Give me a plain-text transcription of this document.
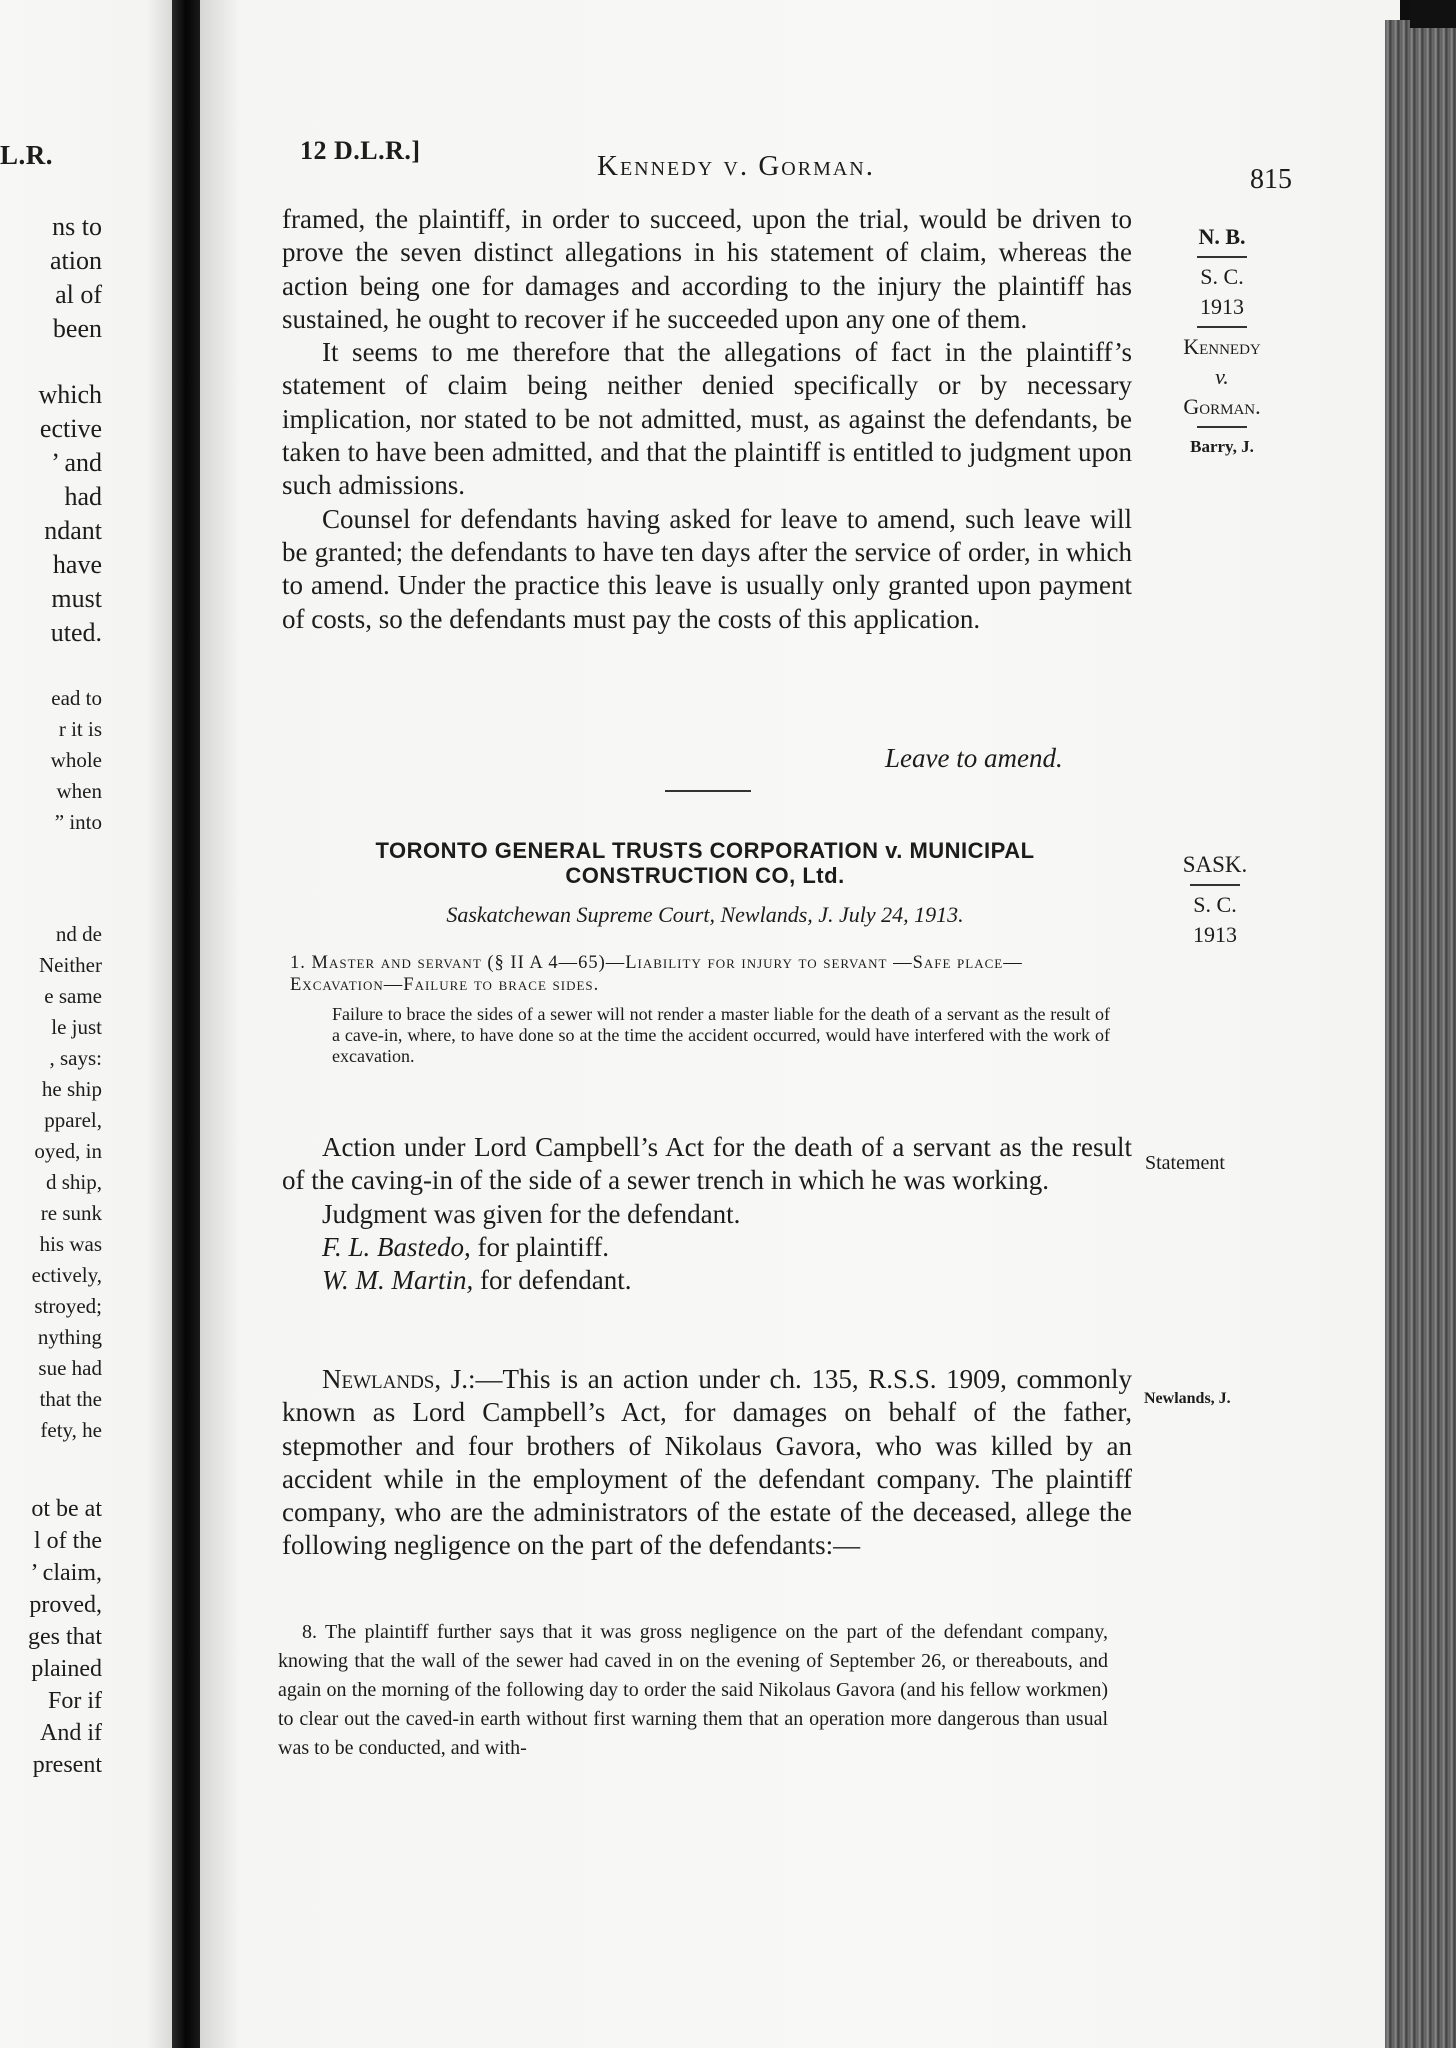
L.R.
ns to
ation
al of
been
which
ective
’ and
had
ndant
have
must
uted.
ead to
r it is
whole
when
” into
nd de
Neither
e same
le just
, says:
he ship
pparel,
oyed, in
d ship,
re sunk
his was
ectively,
stroyed;
nything
sue had
that the
fety, he
ot be at
l of the
’ claim,
proved,
ges that
plained
For if
And if
present
12 D.L.R.]	Kennedy v. Gorman.	815
N. B.
S. C.
1913
Kennedy
v.
Gorman.
Barry, J.

framed, the plaintiff, in order to succeed, upon the trial, would be driven to prove the seven distinct allegations in his statement of claim, whereas the action being one for damages and according to the injury the plaintiff has sustained, he ought to recover if he succeeded upon any one of them.

It seems to me therefore that the allegations of fact in the plaintiff’s statement of claim being neither denied specifically or by necessary implication, nor stated to be not admitted, must, as against the defendants, be taken to have been admitted, and that the plaintiff is entitled to judgment upon such admissions.

Counsel for defendants having asked for leave to amend, such leave will be granted; the defendants to have ten days after the service of order, in which to amend. Under the practice this leave is usually only granted upon payment of costs, so the defendants must pay the costs of this application.

Leave to amend.
TORONTO GENERAL TRUSTS CORPORATION v. MUNICIPAL CONSTRUCTION CO, Ltd.
Saskatchewan Supreme Court, Newlands, J. July 24, 1913.
1. Master and servant (§ II A 4—65)—Liability for injury to servant —Safe place—Excavation—Failure to brace sides.
Failure to brace the sides of a sewer will not render a master liable for the death of a servant as the result of a cave-in, where, to have done so at the time the accident occurred, would have interfered with the work of excavation.
SASK.
S. C.
1913
Statement
Newlands, J.

Action under Lord Campbell’s Act for the death of a servant as the result of the caving-in of the side of a sewer trench in which he was working.

Judgment was given for the defendant.

F. L. Bastedo, for plaintiff.

W. M. Martin, for defendant.

Newlands, J.:—This is an action under ch. 135, R.S.S. 1909, commonly known as Lord Campbell’s Act, for damages on behalf of the father, stepmother and four brothers of Nikolaus Gavora, who was killed by an accident while in the employment of the defendant company. The plaintiff company, who are the administrators of the estate of the deceased, allege the following negligence on the part of the defendants:—

8. The plaintiff further says that it was gross negligence on the part of the defendant company, knowing that the wall of the sewer had caved in on the evening of September 26, or thereabouts, and again on the morning of the following day to order the said Nikolaus Gavora (and his fellow workmen) to clear out the caved-in earth without first warning them that an operation more dangerous than usual was to be conducted, and with-
